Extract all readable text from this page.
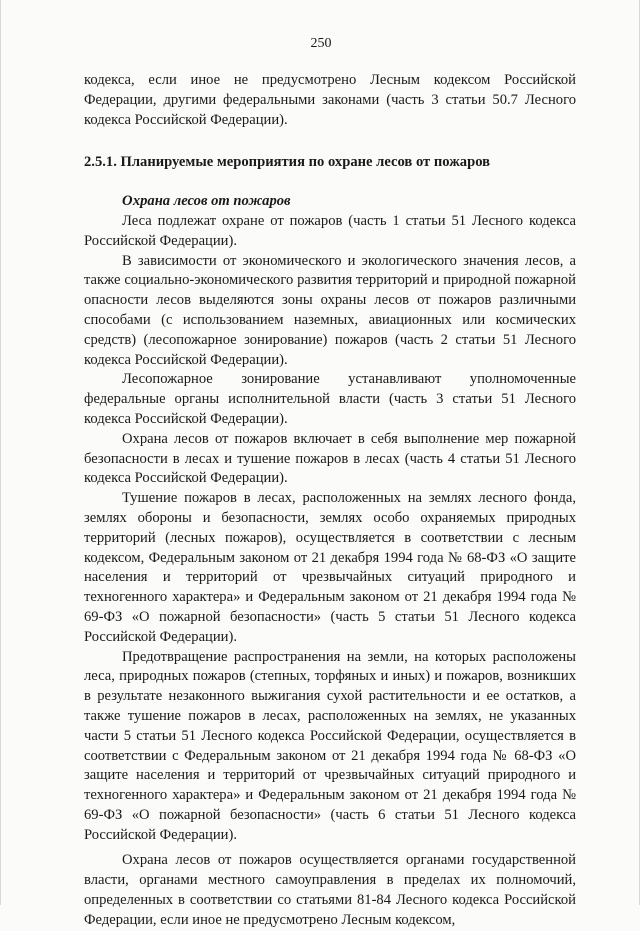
250

кодекса, если иное не предусмотрено Лесным кодексом Российской Федерации, другими федеральными законами (часть 3 статьи 50.7 Лесного кодекса Российской Федерации).

2.5.1. Планируемые мероприятия по охране лесов от пожаров

Охрана лесов от пожаров

Леса подлежат охране от пожаров (часть 1 статьи 51 Лесного кодекса Российской Федерации).

В зависимости от экономического и экологического значения лесов, а также социально-экономического развития территорий и природной пожарной опасности лесов выделяются зоны охраны лесов от пожаров различными способами (с использованием наземных, авиационных или космических средств) (лесопожарное зонирование) пожаров (часть 2 статьи 51 Лесного кодекса Российской Федерации).

Лесопожарное зонирование устанавливают уполномоченные федеральные органы исполнительной власти (часть 3 статьи 51 Лесного кодекса Российской Федерации).

Охрана лесов от пожаров включает в себя выполнение мер пожарной безопасности в лесах и тушение пожаров в лесах (часть 4 статьи 51 Лесного кодекса Российской Федерации).

Тушение пожаров в лесах, расположенных на землях лесного фонда, землях обороны и безопасности, землях особо охраняемых природных территорий (лесных пожаров), осуществляется в соответствии с лесным кодексом, Федеральным законом от 21 декабря 1994 года № 68-ФЗ «О защите населения и территорий от чрезвычайных ситуаций природного и техногенного характера» и Федеральным законом от 21 декабря 1994 года № 69-ФЗ «О пожарной безопасности» (часть 5 статьи 51 Лесного кодекса Российской Федерации).

Предотвращение распространения на земли, на которых расположены леса, природных пожаров (степных, торфяных и иных) и пожаров, возникших в результате незаконного выжигания сухой растительности и ее остатков, а также тушение пожаров в лесах, расположенных на землях, не указанных части 5 статьи 51 Лесного кодекса Российской Федерации, осуществляется в соответствии с Федеральным законом от 21 декабря 1994 года № 68-ФЗ «О защите населения и территорий от чрезвычайных ситуаций природного и техногенного характера» и Федеральным законом от 21 декабря 1994 года № 69-ФЗ «О пожарной безопасности» (часть 6 статьи 51 Лесного кодекса Российской Федерации).

Охрана лесов от пожаров осуществляется органами государственной власти, органами местного самоуправления в пределах их полномочий, определенных в соответствии со статьями 81-84 Лесного кодекса Российской Федерации, если иное не предусмотрено Лесным кодексом,
